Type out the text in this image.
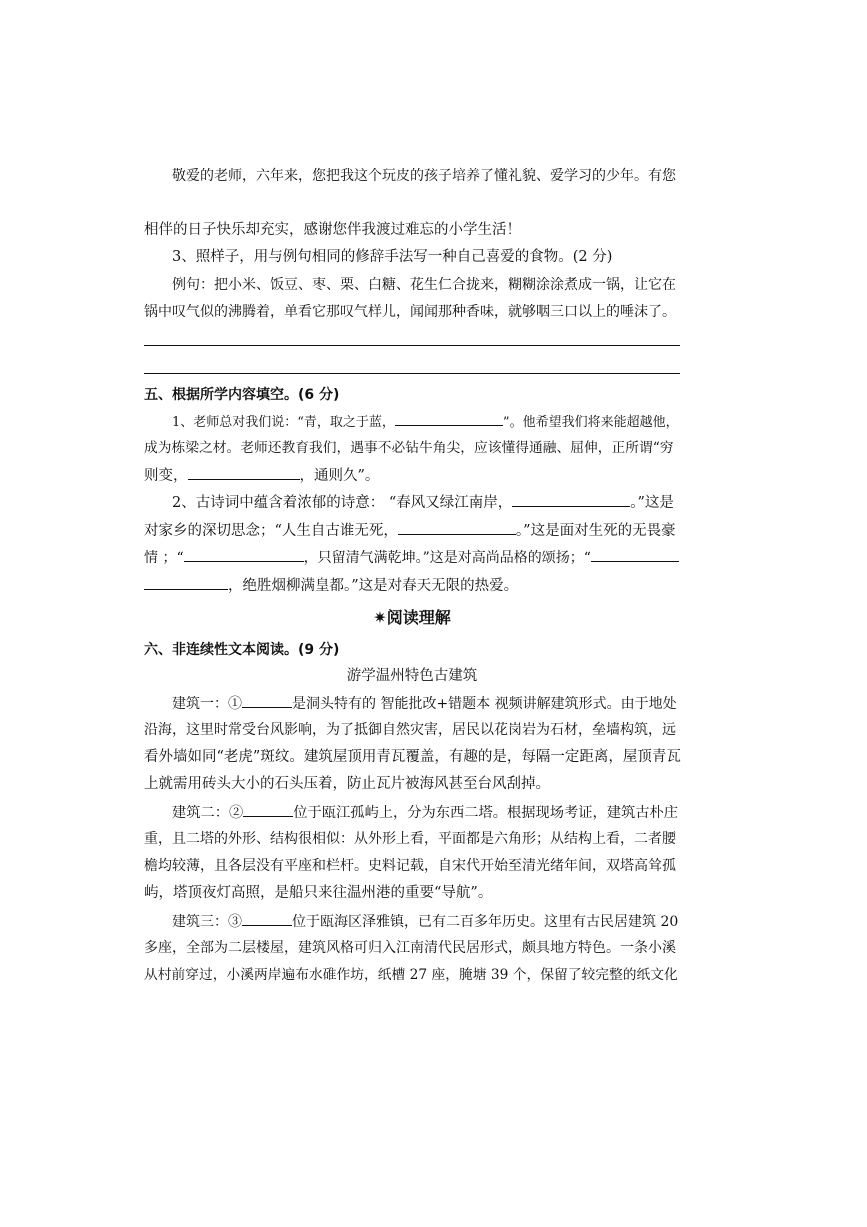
敬爱的老师，六年来，您把我这个玩皮的孩子培养了懂礼貌、爱学习的少年。有您
相伴的日子快乐却充实，感谢您伴我渡过难忘的小学生活！
3、照样子，用与例句相同的修辞手法写一种自己喜爱的食物。(2 分)
例句：把小米、饭豆、枣、栗、白糖、花生仁合拢来，糊糊涂涂煮成一锅，让它在
锅中叹气似的沸腾着，单看它那叹气样儿，闻闻那种香味，就够咽三口以上的唾沫了。
五、根据所学内容填空。(6 分)
1、老师总对我们说：“青，取之于蓝，	”。他希望我们将来能超越他，
成为栋梁之材。老师还教育我们，遇事不必钻牛角尖，应该懂得通融、屈伸，正所谓“穷
则变，	，通则久”。
2、古诗词中蕴含着浓郁的诗意： “春风又绿江南岸，	。”这是
对家乡的深切思念；“人生自古谁无死，	。”这是面对生死的无畏豪
情 ；“	，只留清气满乾坤。”这是对高尚品格的颂扬；“
，绝胜烟柳满皇都。”这是对春天无限的热爱。
✷阅读理解
六、非连续性文本阅读。(9 分)
游学温州特色古建筑
建筑一：①	是洞头特有的 智能批改+错题本 视频讲解建筑形式。由于地处
沿海，这里时常受台风影响，为了抵御自然灾害，居民以花岗岩为石材，垒墙构筑，远
看外墙如同“老虎”斑纹。建筑屋顶用青瓦覆盖，有趣的是，每隔一定距离，屋顶青瓦
上就需用砖头大小的石头压着，防止瓦片被海风甚至台风刮掉。
建筑二：②	位于瓯江孤屿上，分为东西二塔。根据现场考证，建筑古朴庄
重，且二塔的外形、结构很相似：从外形上看，平面都是六角形；从结构上看，二者腰
檐均较薄，且各层没有平座和栏杆。史料记载，自宋代开始至清光绪年间，双塔高耸孤
屿，塔顶夜灯高照，是船只来往温州港的重要“导航”。
建筑三：③	位于瓯海区泽雅镇，已有二百多年历史。这里有古民居建筑 20
多座，全部为二层楼屋，建筑风格可归入江南清代民居形式，颇具地方特色。一条小溪
从村前穿过，小溪两岸遍布水碓作坊，纸槽 27 座，腌塘 39 个，保留了较完整的纸文化
